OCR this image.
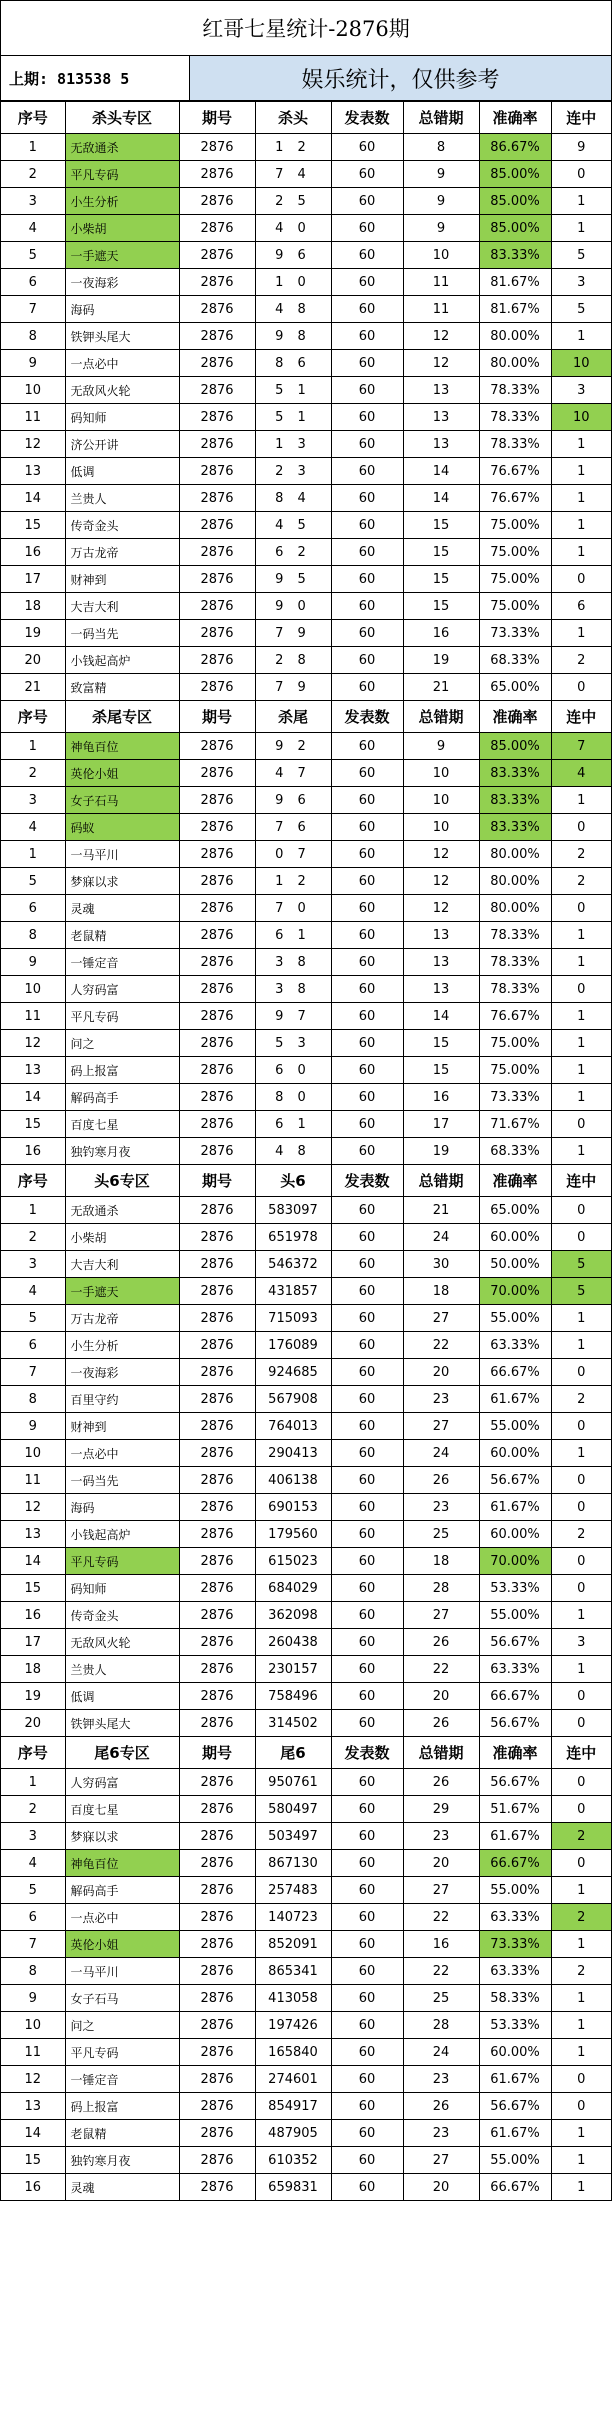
红哥七星统计-2876期
上期: 813538 5	娱乐统计，仅供参考
序号	杀头专区	期号	杀头	发表数	总错期	准确率	连中
1	无敌通杀	2876	1 2	60	8	86.67%	9
2	平凡专码	2876	7 4	60	9	85.00%	0
3	小生分析	2876	2 5	60	9	85.00%	1
4	小柴胡	2876	4 0	60	9	85.00%	1
5	一手遮天	2876	9 6	60	10	83.33%	5
6	一夜海彩	2876	1 0	60	11	81.67%	3
7	海码	2876	4 8	60	11	81.67%	5
8	铁钾头尾大	2876	9 8	60	12	80.00%	1
9	一点必中	2876	8 6	60	12	80.00%	10
10	无敌风火轮	2876	5 1	60	13	78.33%	3
11	码知师	2876	5 1	60	13	78.33%	10
12	济公开讲	2876	1 3	60	13	78.33%	1
13	低调	2876	2 3	60	14	76.67%	1
14	兰贵人	2876	8 4	60	14	76.67%	1
15	传奇金头	2876	4 5	60	15	75.00%	1
16	万古龙帝	2876	6 2	60	15	75.00%	1
17	财神到	2876	9 5	60	15	75.00%	0
18	大吉大利	2876	9 0	60	15	75.00%	6
19	一码当先	2876	7 9	60	16	73.33%	1
20	小钱起高炉	2876	2 8	60	19	68.33%	2
21	致富精	2876	7 9	60	21	65.00%	0
序号	杀尾专区	期号	杀尾	发表数	总错期	准确率	连中
1	神龟百位	2876	9 2	60	9	85.00%	7
2	英伦小姐	2876	4 7	60	10	83.33%	4
3	女子石马	2876	9 6	60	10	83.33%	1
4	码蚁	2876	7 6	60	10	83.33%	0
1	一马平川	2876	0 7	60	12	80.00%	2
5	梦寐以求	2876	1 2	60	12	80.00%	2
6	灵魂	2876	7 0	60	12	80.00%	0
8	老鼠精	2876	6 1	60	13	78.33%	1
9	一锤定音	2876	3 8	60	13	78.33%	1
10	人穷码富	2876	3 8	60	13	78.33%	0
11	平凡专码	2876	9 7	60	14	76.67%	1
12	问之	2876	5 3	60	15	75.00%	1
13	码上报富	2876	6 0	60	15	75.00%	1
14	解码高手	2876	8 0	60	16	73.33%	1
15	百度七星	2876	6 1	60	17	71.67%	0
16	独钓寒月夜	2876	4 8	60	19	68.33%	1
序号	头6专区	期号	头6	发表数	总错期	准确率	连中
1	无敌通杀	2876	583097	60	21	65.00%	0
2	小柴胡	2876	651978	60	24	60.00%	0
3	大吉大利	2876	546372	60	30	50.00%	5
4	一手遮天	2876	431857	60	18	70.00%	5
5	万古龙帝	2876	715093	60	27	55.00%	1
6	小生分析	2876	176089	60	22	63.33%	1
7	一夜海彩	2876	924685	60	20	66.67%	0
8	百里守约	2876	567908	60	23	61.67%	2
9	财神到	2876	764013	60	27	55.00%	0
10	一点必中	2876	290413	60	24	60.00%	1
11	一码当先	2876	406138	60	26	56.67%	0
12	海码	2876	690153	60	23	61.67%	0
13	小钱起高炉	2876	179560	60	25	60.00%	2
14	平凡专码	2876	615023	60	18	70.00%	0
15	码知师	2876	684029	60	28	53.33%	0
16	传奇金头	2876	362098	60	27	55.00%	1
17	无敌风火轮	2876	260438	60	26	56.67%	3
18	兰贵人	2876	230157	60	22	63.33%	1
19	低调	2876	758496	60	20	66.67%	0
20	铁钾头尾大	2876	314502	60	26	56.67%	0
序号	尾6专区	期号	尾6	发表数	总错期	准确率	连中
1	人穷码富	2876	950761	60	26	56.67%	0
2	百度七星	2876	580497	60	29	51.67%	0
3	梦寐以求	2876	503497	60	23	61.67%	2
4	神龟百位	2876	867130	60	20	66.67%	0
5	解码高手	2876	257483	60	27	55.00%	1
6	一点必中	2876	140723	60	22	63.33%	2
7	英伦小姐	2876	852091	60	16	73.33%	1
8	一马平川	2876	865341	60	22	63.33%	2
9	女子石马	2876	413058	60	25	58.33%	1
10	问之	2876	197426	60	28	53.33%	1
11	平凡专码	2876	165840	60	24	60.00%	1
12	一锤定音	2876	274601	60	23	61.67%	0
13	码上报富	2876	854917	60	26	56.67%	0
14	老鼠精	2876	487905	60	23	61.67%	1
15	独钓寒月夜	2876	610352	60	27	55.00%	1
16	灵魂	2876	659831	60	20	66.67%	1
